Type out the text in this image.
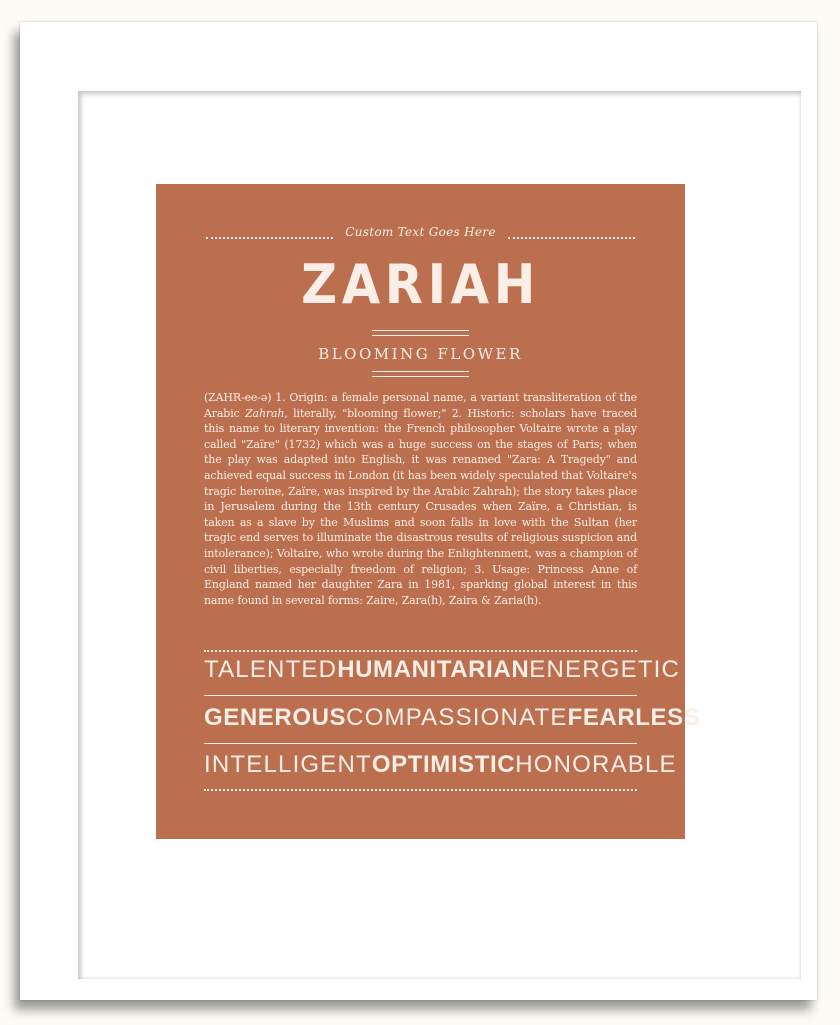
Custom Text Goes Here
ZARIAH
BLOOMING FLOWER

(ZAHR-ee-ə) 1. Origin: a female personal name, a variant transliteration of the Arabic Zahrah, literally, "blooming flower;" 2. Historic: scholars have traced this name to literary invention: the French philosopher Voltaire wrote a play called "Zaïre" (1732) which was a huge success on the stages of Paris; when the play was adapted into English, it was renamed "Zara: A Tragedy" and achieved equal success in London (it has been widely speculated that Voltaire's tragic heroine, Zaïre, was inspired by the Arabic Zahrah); the story takes place in Jerusalem during the 13th century Crusades when Zaïre, a Christian, is taken as a slave by the Muslims and soon falls in love with the Sultan (her tragic end serves to illuminate the disastrous results of religious suspicion and intolerance); Voltaire, who wrote during the Enlightenment, was a champion of civil liberties, especially freedom of religion; 3. Usage: Princess Anne of England named her daughter Zara in 1981, sparking global interest in this name found in several forms: Zaire, Zara(h), Zaira & Zaria(h).

TALENTED HUMANITARIAN ENERGETIC
GENEROUS COMPASSIONATE FEARLESS
INTELLIGENT OPTIMISTIC HONORABLE
